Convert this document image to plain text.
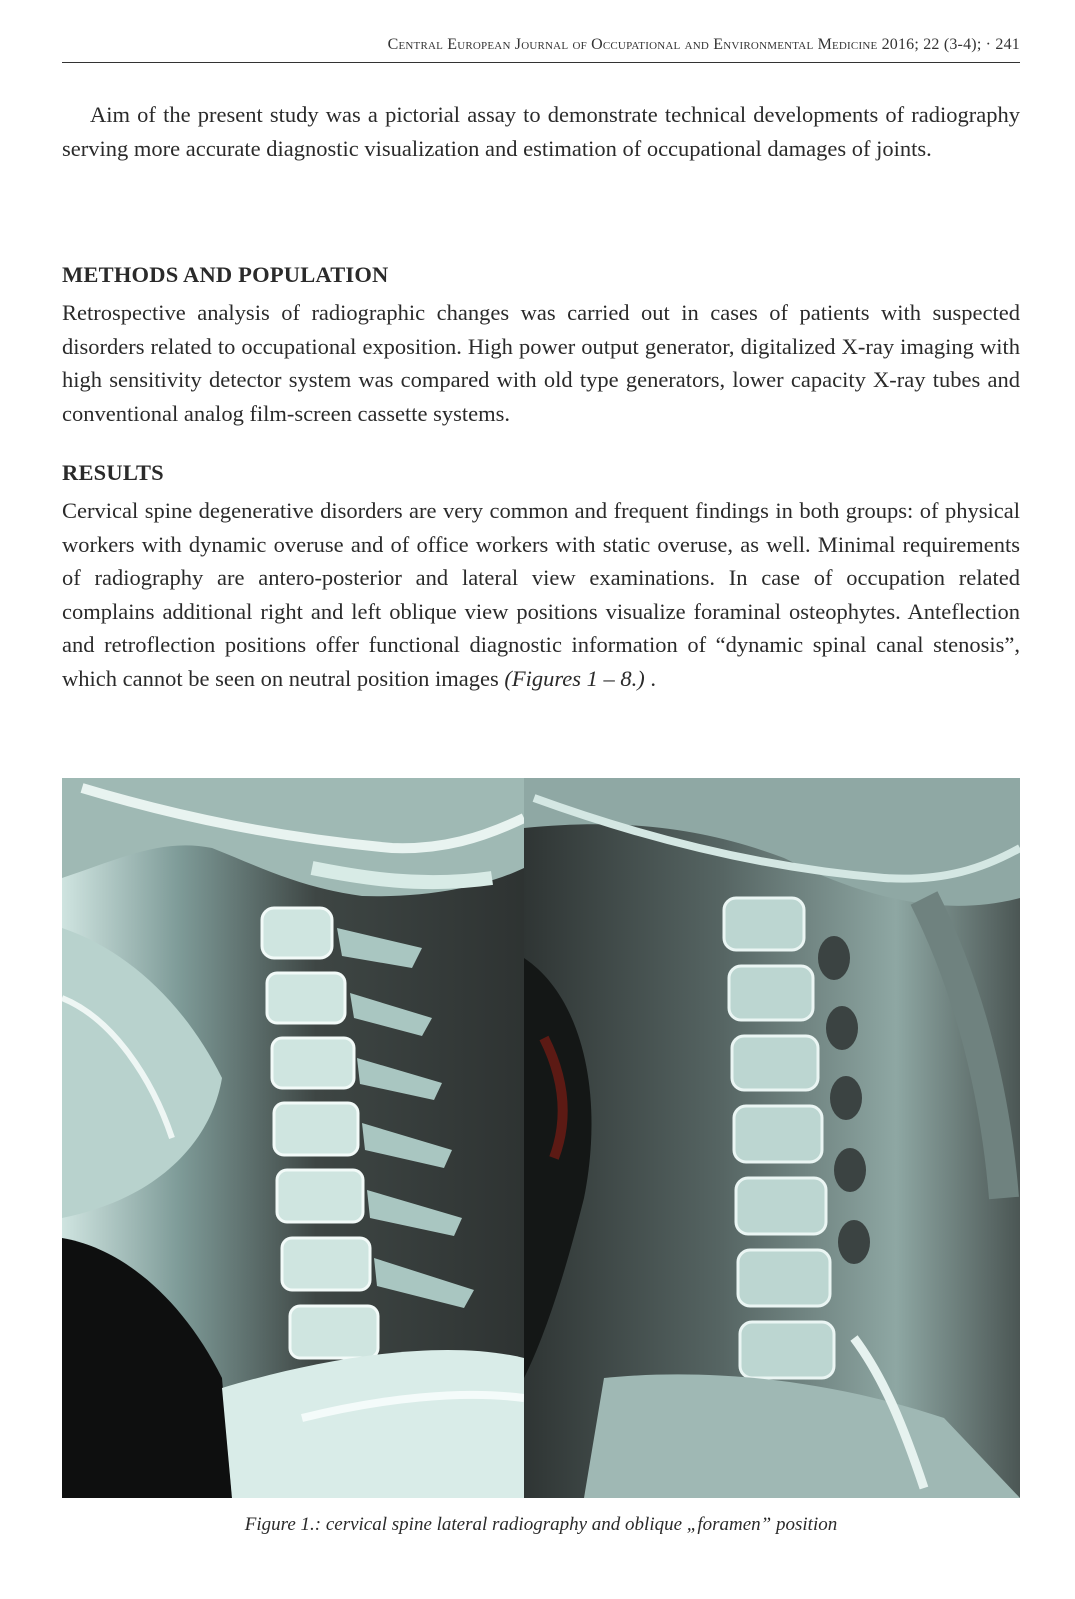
Central European Journal of Occupational and Environmental Medicine 2016; 22 (3-4); · 241

Aim of the present study was a pictorial assay to demonstrate technical developments of radiography serving more accurate diagnostic visualization and estimation of occupational damages of joints.

METHODS AND POPULATION

Retrospective analysis of radiographic changes was carried out in cases of patients with suspected disorders related to occupational exposition. High power output generator, digitalized X-ray imaging with high sensitivity detector system was compared with old type generators, lower capacity X-ray tubes and conventional analog film-screen cassette systems.

RESULTS

Cervical spine degenerative disorders are very common and frequent findings in both groups: of physical workers with dynamic overuse and of office workers with static overuse, as well. Minimal requirements of radiography are antero-posterior and lateral view examinations. In case of occupation related complains additional right and left oblique view positions visualize foraminal osteophytes. Anteflection and retroflection positions offer functional diagnostic information of “dynamic spinal canal stenosis”, which cannot be seen on neutral position images (Figures 1 – 8.) .

Figure 1.: cervical spine lateral radiography and oblique „foramen” position
